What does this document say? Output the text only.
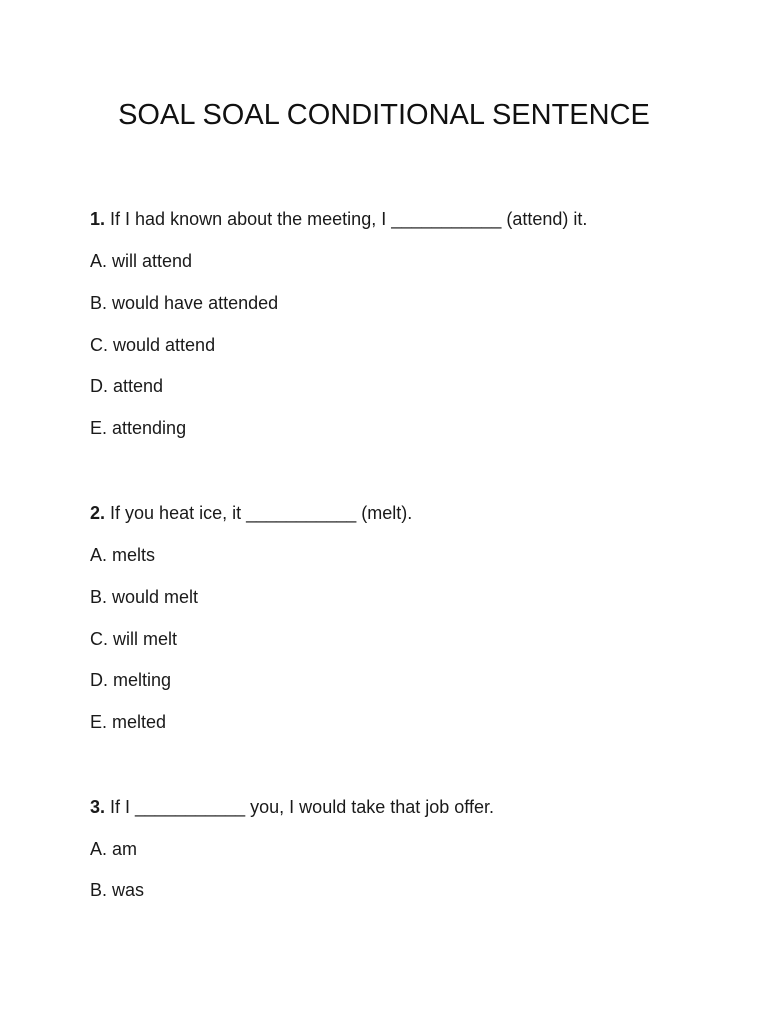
SOAL SOAL CONDITIONAL SENTENCE
1. If I had known about the meeting, I ___________ (attend) it.
A. will attend
B. would have attended
C. would attend
D. attend
E. attending
2. If you heat ice, it ___________ (melt).
A. melts
B. would melt
C. will melt
D. melting
E. melted
3. If I ___________ you, I would take that job offer.
A. am
B. was
